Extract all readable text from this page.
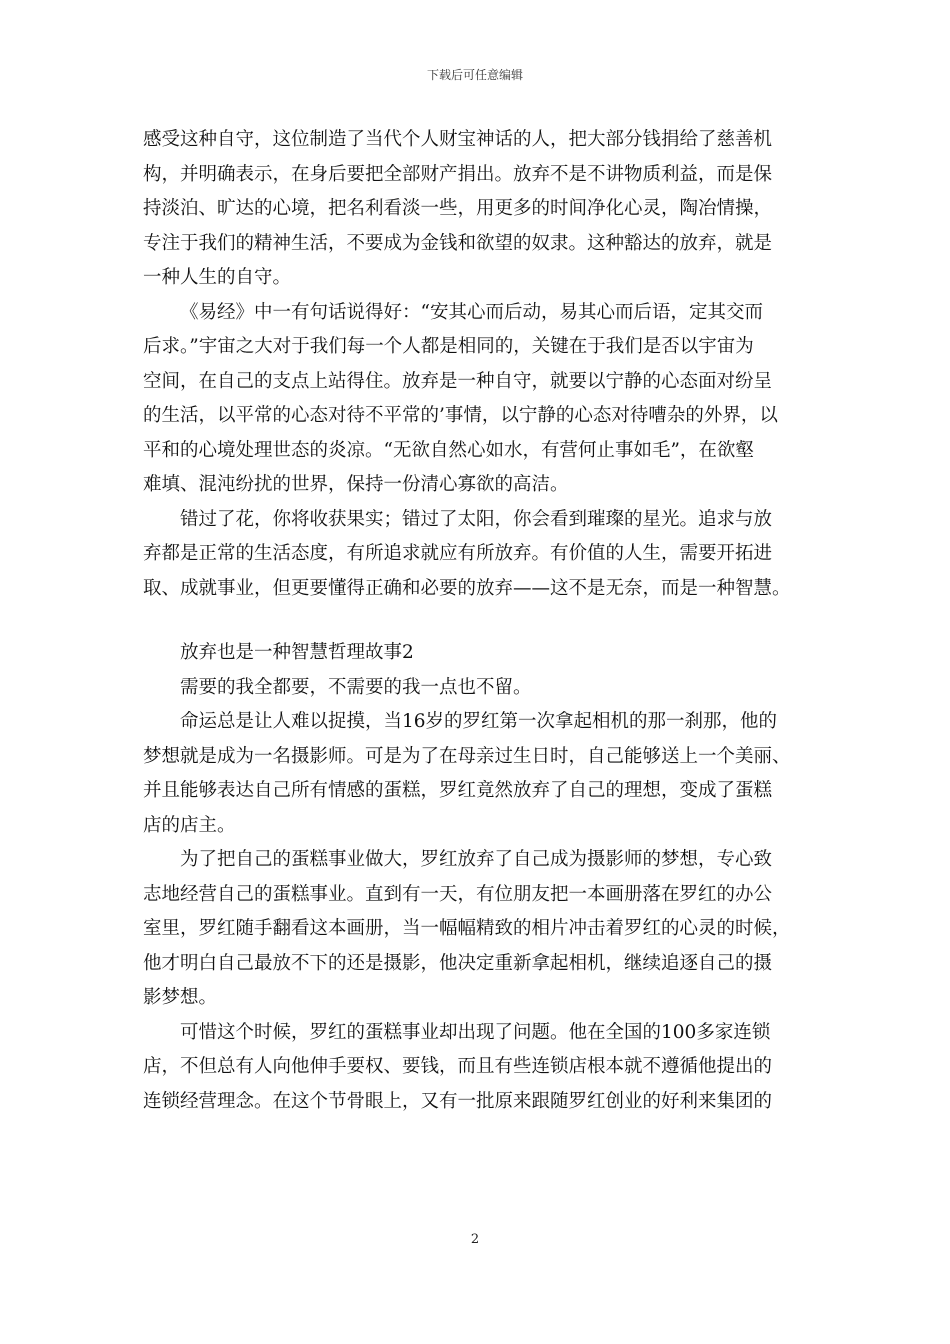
下载后可任意编辑
感受这种自守，这位制造了当代个人财宝神话的人，把大部分钱捐给了慈善机
构，并明确表示，在身后要把全部财产捐出。放弃不是不讲物质利益，而是保
持淡泊、旷达的心境，把名利看淡一些，用更多的时间净化心灵，陶冶情操，
专注于我们的精神生活，不要成为金钱和欲望的奴隶。这种豁达的放弃，就是
一种人生的自守。
《易经》中一有句话说得好：“安其心而后动，易其心而后语，定其交而
后求。”宇宙之大对于我们每一个人都是相同的，关键在于我们是否以宇宙为
空间，在自己的支点上站得住。放弃是一种自守，就要以宁静的心态面对纷呈
的生活，以平常的心态对待不平常的’事情，以宁静的心态对待嘈杂的外界，以
平和的心境处理世态的炎凉。“无欲自然心如水，有营何止事如毛”，在欲壑
难填、混沌纷扰的世界，保持一份清心寡欲的高洁。
错过了花，你将收获果实；错过了太阳，你会看到璀璨的星光。追求与放
弃都是正常的生活态度，有所追求就应有所放弃。有价值的人生，需要开拓进
取、成就事业，但更要懂得正确和必要的放弃——这不是无奈，而是一种智慧。
放弃也是一种智慧哲理故事2
需要的我全都要，不需要的我一点也不留。
命运总是让人难以捉摸，当16岁的罗红第一次拿起相机的那一刹那，他的
梦想就是成为一名摄影师。可是为了在母亲过生日时，自己能够送上一个美丽、
并且能够表达自己所有情感的蛋糕，罗红竟然放弃了自己的理想，变成了蛋糕
店的店主。
为了把自己的蛋糕事业做大，罗红放弃了自己成为摄影师的梦想，专心致
志地经营自己的蛋糕事业。直到有一天，有位朋友把一本画册落在罗红的办公
室里，罗红随手翻看这本画册，当一幅幅精致的相片冲击着罗红的心灵的时候，
他才明白自己最放不下的还是摄影，他决定重新拿起相机，继续追逐自己的摄
影梦想。
可惜这个时候，罗红的蛋糕事业却出现了问题。他在全国的100多家连锁
店，不但总有人向他伸手要权、要钱，而且有些连锁店根本就不遵循他提出的
连锁经营理念。在这个节骨眼上，又有一批原来跟随罗红创业的好利来集团的
2
